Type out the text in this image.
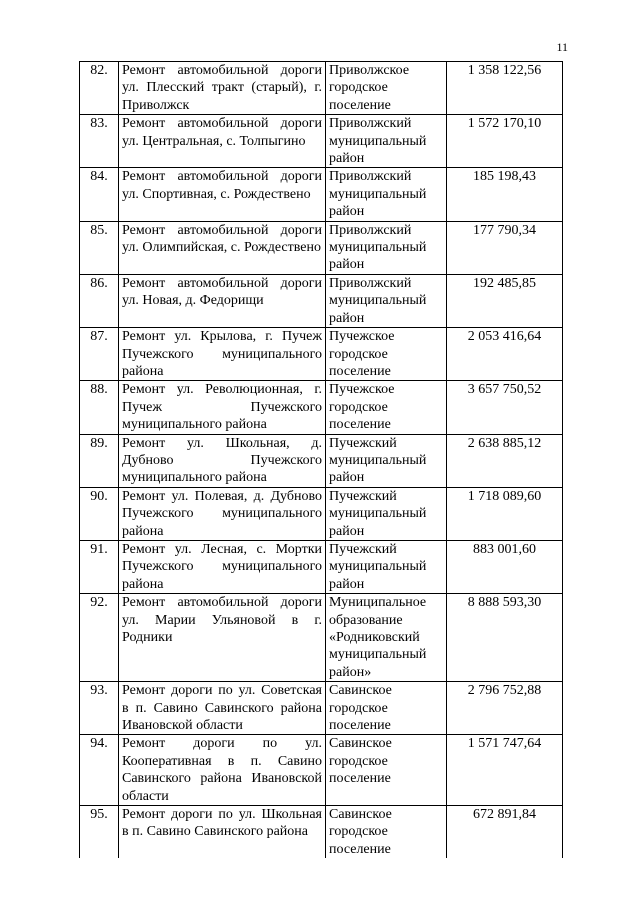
11
82.	Ремонт автомобильной дороги ул. Плесский тракт (старый), г. Приволжск	Приволжское городское поселение	1 358 122,56
83.	Ремонт автомобильной дороги ул. Центральная, с. Толпыгино	Приволжский муниципальный район	1 572 170,10
84.	Ремонт автомобильной дороги ул. Спортивная, с. Рождествено	Приволжский муниципальный район	185 198,43
85.	Ремонт автомобильной дороги ул. Олимпийская, с. Рождествено	Приволжский муниципальный район	177 790,34
86.	Ремонт автомобильной дороги ул. Новая, д. Федорищи	Приволжский муниципальный район	192 485,85
87.	Ремонт ул. Крылова, г. Пучеж Пучежского муниципального района	Пучежское городское поселение	2 053 416,64
88.	Ремонт ул. Революционная, г. Пучеж Пучежского муниципального района	Пучежское городское поселение	3 657 750,52
89.	Ремонт ул. Школьная, д. Дубново Пучежского муниципального района	Пучежский муниципальный район	2 638 885,12
90.	Ремонт ул. Полевая, д. Дубново Пучежского муниципального района	Пучежский муниципальный район	1 718 089,60
91.	Ремонт ул. Лесная, с. Мортки Пучежского муниципального района	Пучежский муниципальный район	883 001,60
92.	Ремонт автомобильной дороги ул. Марии Ульяновой в г. Родники	Муниципальное образование «Родниковский муниципальный район»	8 888 593,30
93.	Ремонт дороги по ул. Советская в п. Савино Савинского района Ивановской области	Савинское городское поселение	2 796 752,88
94.	Ремонт дороги по ул. Кооперативная в п. Савино Савинского района Ивановской области	Савинское городское поселение	1 571 747,64
95.	Ремонт дороги по ул. Школьная в п. Савино Савинского района	Савинское городское поселение	672 891,84
